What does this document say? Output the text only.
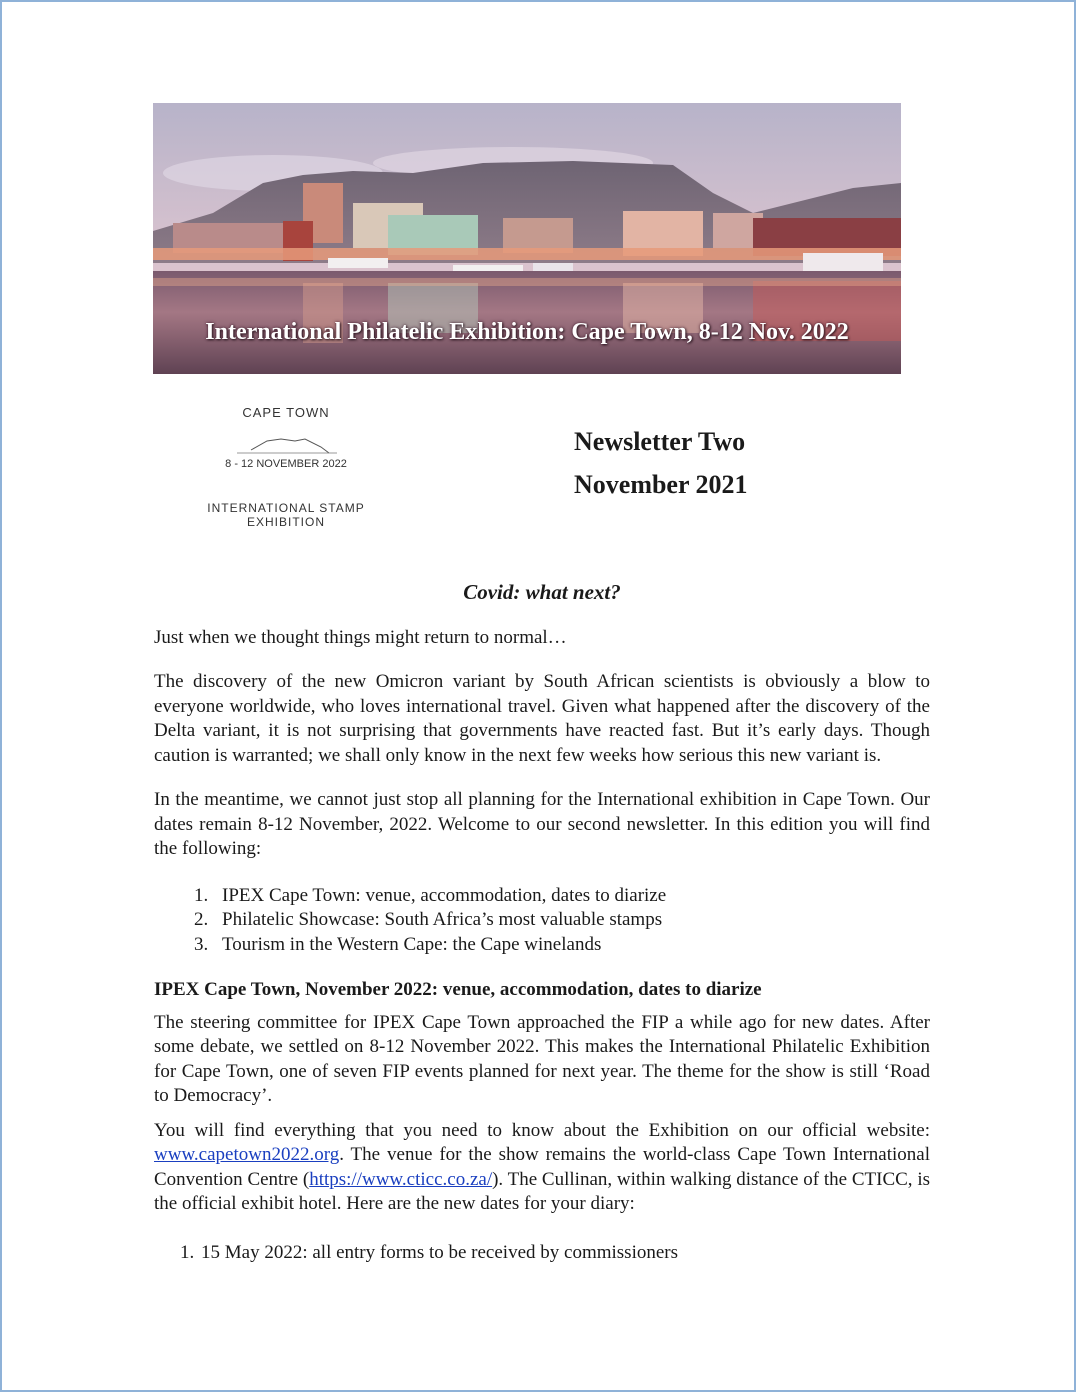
International Philatelic Exhibition: Cape Town, 8-12 Nov. 2022
CAPE TOWN
8 - 12 NOVEMBER 2022
INTERNATIONAL STAMP EXHIBITION
Newsletter Two
November 2021
Covid: what next?

Just when we thought things might return to normal…

The discovery of the new Omicron variant by South African scientists is obviously a blow to everyone worldwide, who loves international travel. Given what happened after the discovery of the Delta variant, it is not surprising that governments have reacted fast. But it’s early days. Though caution is warranted; we shall only know in the next few weeks how serious this new variant is.

In the meantime, we cannot just stop all planning for the International exhibition in Cape Town. Our dates remain 8-12 November, 2022. Welcome to our second newsletter. In this edition you will find the following:

1. IPEX Cape Town: venue, accommodation, dates to diarize
2. Philatelic Showcase: South Africa’s most valuable stamps
3. Tourism in the Western Cape: the Cape winelands
IPEX Cape Town, November 2022: venue, accommodation, dates to diarize

The steering committee for IPEX Cape Town approached the FIP a while ago for new dates. After some debate, we settled on 8-12 November 2022. This makes the International Philatelic Exhibition for Cape Town, one of seven FIP events planned for next year. The theme for the show is still ‘Road to Democracy’.

You will find everything that you need to know about the Exhibition on our official website: www.capetown2022.org. The venue for the show remains the world-class Cape Town International Convention Centre (https://www.cticc.co.za/). The Cullinan, within walking distance of the CTICC, is the official exhibit hotel. Here are the new dates for your diary:

1. 15 May 2022: all entry forms to be received by commissioners
